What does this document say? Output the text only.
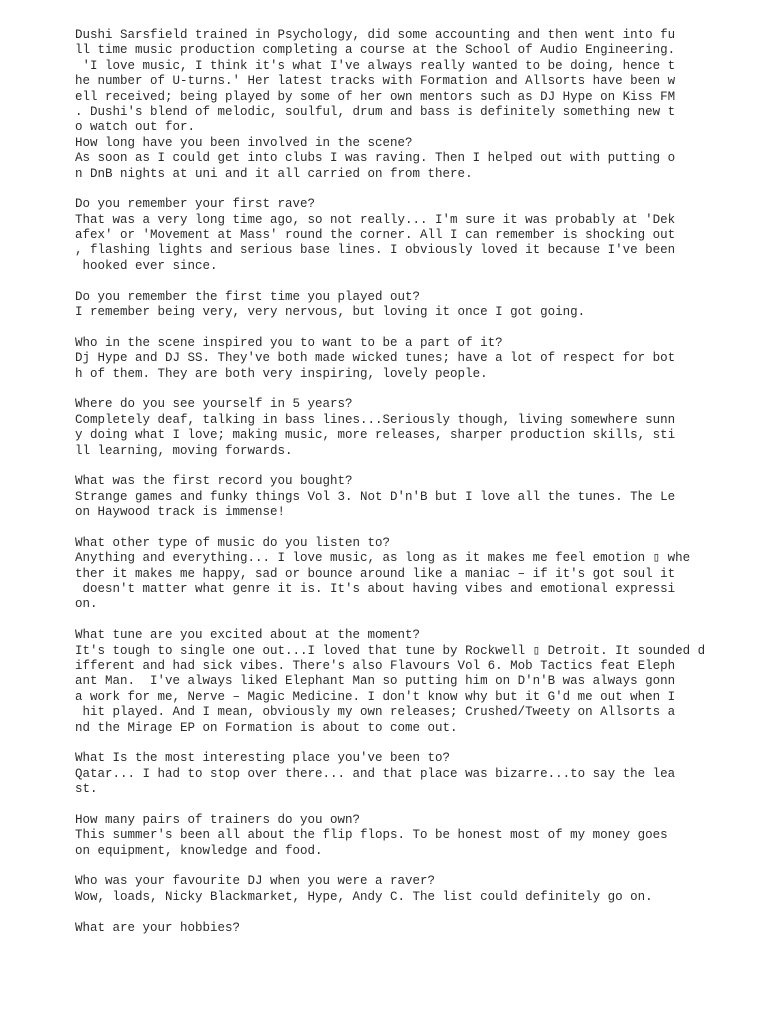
Dushi Sarsfield trained in Psychology, did some accounting and then went into fu
ll time music production completing a course at the School of Audio Engineering.
'I love music, I think it's what I've always really wanted to be doing, hence t
he number of U-turns.' Her latest tracks with Formation and Allsorts have been w
ell received; being played by some of her own mentors such as DJ Hype on Kiss FM
. Dushi's blend of melodic, soulful, drum and bass is definitely something new t
o watch out for.
How long have you been involved in the scene?
As soon as I could get into clubs I was raving. Then I helped out with putting o
n DnB nights at uni and it all carried on from there.
Do you remember your first rave?
That was a very long time ago, so not really... I'm sure it was probably at 'Dek
afex' or 'Movement at Mass' round the corner. All I can remember is shocking out
, flashing lights and serious base lines. I obviously loved it because I've been
hooked ever since.
Do you remember the first time you played out?
I remember being very, very nervous, but loving it once I got going.
Who in the scene inspired you to want to be a part of it?
Dj Hype and DJ SS. They've both made wicked tunes; have a lot of respect for bot
h of them. They are both very inspiring, lovely people.
Where do you see yourself in 5 years?
Completely deaf, talking in bass lines...Seriously though, living somewhere sunn
y doing what I love; making music, more releases, sharper production skills, sti
ll learning, moving forwards.
What was the first record you bought?
Strange games and funky things Vol 3. Not D'n'B but I love all the tunes. The Le
on Haywood track is immense!
What other type of music do you listen to?
Anything and everything... I love music, as long as it makes me feel emotion ▯ whe
ther it makes me happy, sad or bounce around like a maniac – if it's got soul it
doesn't matter what genre it is. It's about having vibes and emotional expressi
on.
What tune are you excited about at the moment?
It's tough to single one out...I loved that tune by Rockwell ▯ Detroit. It sounded d
ifferent and had sick vibes. There's also Flavours Vol 6. Mob Tactics feat Eleph
ant Man.  I've always liked Elephant Man so putting him on D'n'B was always gonn
a work for me, Nerve – Magic Medicine. I don't know why but it G'd me out when I
hit played. And I mean, obviously my own releases; Crushed/Tweety on Allsorts a
nd the Mirage EP on Formation is about to come out.
What Is the most interesting place you've been to?
Qatar... I had to stop over there... and that place was bizarre...to say the lea
st.
How many pairs of trainers do you own?
This summer's been all about the flip flops. To be honest most of my money goes
on equipment, knowledge and food.
Who was your favourite DJ when you were a raver?
Wow, loads, Nicky Blackmarket, Hype, Andy C. The list could definitely go on.
What are your hobbies?
